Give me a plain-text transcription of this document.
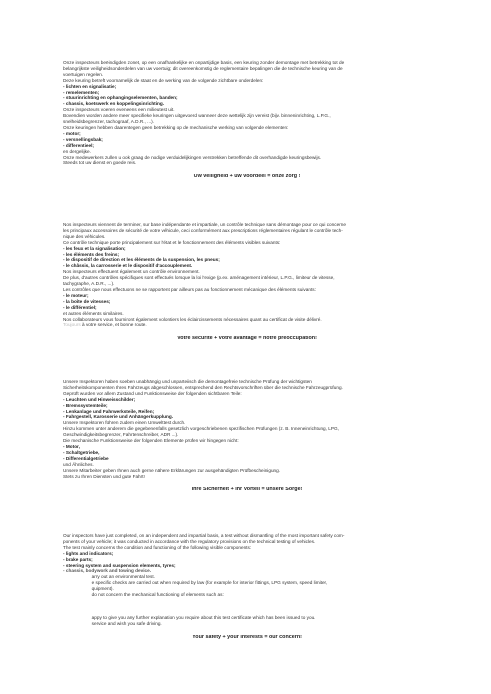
Onze inspecteurs beëindigden zonet, op een onafhankelijke en onpartijdige basis, een keuring zonder demontage met betrekking tot de

belangrijkste veiligheidsonderdelen van uw voertuig; dit overeenkomstig de reglementaire bepalingen die de technische keuring van de

voertuigen regelen.

Deze keuring betreft voornamelijk de staat en de werking van de volgende zichtbare onderdelen:

- lichten en signalisatie;

- remelementen;

- stuurinrichting en ophangingselementen, banden;

- chassis, koetswerk en koppelingsinrichting.

Onze inspecteurs voeren eveneens een milieutest uit.

Bovendien worden andere meer specifieke keuringen uitgevoerd wanneer deze wettelijk zijn vereist (bijv. binneninrichting, L.P.G.,

snelheidsbegrenzer, tachograaf, A.D.R., ...).

Onze keuringen hebben daarentegen geen betrekking op de mechanische werking van volgende elementen:

- motor;

- versnellingsbak;

- differentieel;

en dergelijke.

Onze medewerkers zullen u ook graag de nodige verduidelijkingen verstrekken betreffende dit overhandigde keuringsbewijs.

Steeds tot uw dienst en goede reis.

Uw veiligheid + uw voordeel = onze zorg !

Nos inspecteurs viennent de terminer, sur base indépendante et impartiale, un contrôle technique sans démontage pour ce qui concerne

les principaux accessoires de sécurité de votre véhicule, ceci conformément aux prescriptions réglementaires régulant le contrôle tech-

nique des véhicules.

Ce contrôle technique porte principalement sur l'état et le fonctionnement des éléments visibles suivants:

- les feux et la signalisation;

- les éléments des freins;

- le dispositif de direction et les éléments de la suspension, les pneus;

- le châssis, la carrosserie et le dispositif d'accouplement.

Nos inspecteurs effectuent également un contrôle environnement.

De plus, d'autres contrôles spécifiques sont effectués lorsque la loi l'exige (p.ex. aménagement intérieur, L.P.G., limiteur de vitesse,

tachygraphe, A.D.R., ...).

Les contrôles que nous effectuons ne se rapportent par ailleurs pas au fonctionnement mécanique des éléments suivants:

- le moteur;

- la boîte de vitesses;

- le différentiel;

et autres éléments similaires.

Nos collaborateurs vous fourniront également volontiers les éclaircissements nécessaires quant au certificat de visite délivré.

Toujours à votre service, et bonne route.

Votre sécurité + votre avantage = notre préoccupation!

Unsere Inspektoren haben soeben unabhängig und unparteiisch die demontagefreie technische Prüfung der wichtigsten

Sicherheitskomponenten Ihres Fahrzeugs abgeschlossen, entsprechend den Rechtsvorschriften über die technische Fahrzeugprüfung.

Geprüft wurden vor allem Zustand und Funktionsweise der folgenden sichtbaren Teile:

- Leuchten und Hinweisschilder;

- Bremssystemteile;

- Lenkanlage und Fahrwerksteile, Reifen;

- Fahrgestell, Karosserie und Anhängerkupplung.

Unsere Inspektoren führen zudem einen Umwelttest durch.

Hinzu kommen unter anderem die gegebenenfalls gesetzlich vorgeschriebenen spezifischen Prüfungen (z. B. Inneneinrichtung, LPG,

Geschwindigkeitsbegrenzer, Fahrtenschreiber, ADR ...).

Die mechanische Funktionsweise der folgenden Elemente prüfen wir hingegen nicht:

- Motor,

- Schaltgetriebe,

- Differentialgetriebe

und Ähnliches.

Unsere Mitarbeiter geben Ihnen auch gerne nähere Erklärungen zur ausgehändigten Prüfbescheinigung.

Stets zu Ihren Diensten und gute Fahrt!

Ihre Sicherheit + Ihr Vorteil = unsere Sorge!

Our inspectors have just completed, on an independent and impartial basis, a test without dismantling of the most important safety com-

ponents of your vehicle; it was conducted in accordance with the regulatory provisions on the technical testing of vehicles.

The test mainly concerns the condition and functioning of the following visible components:

- lights and indicators;

- brake parts;

- steering system and suspension elements, tyres;

- chassis, bodywork and towing device.

arry out an environmental test.

e specific checks are carried out when required by law (for example for interior fittings, LPG system, speed limiter,

quipment).

do not concern the mechanical functioning of elements such as:

appy to give you any further explanation you require about this test certificate which has been issued to you.

service and wish you safe driving.

Your safety + your interests = our concern!
